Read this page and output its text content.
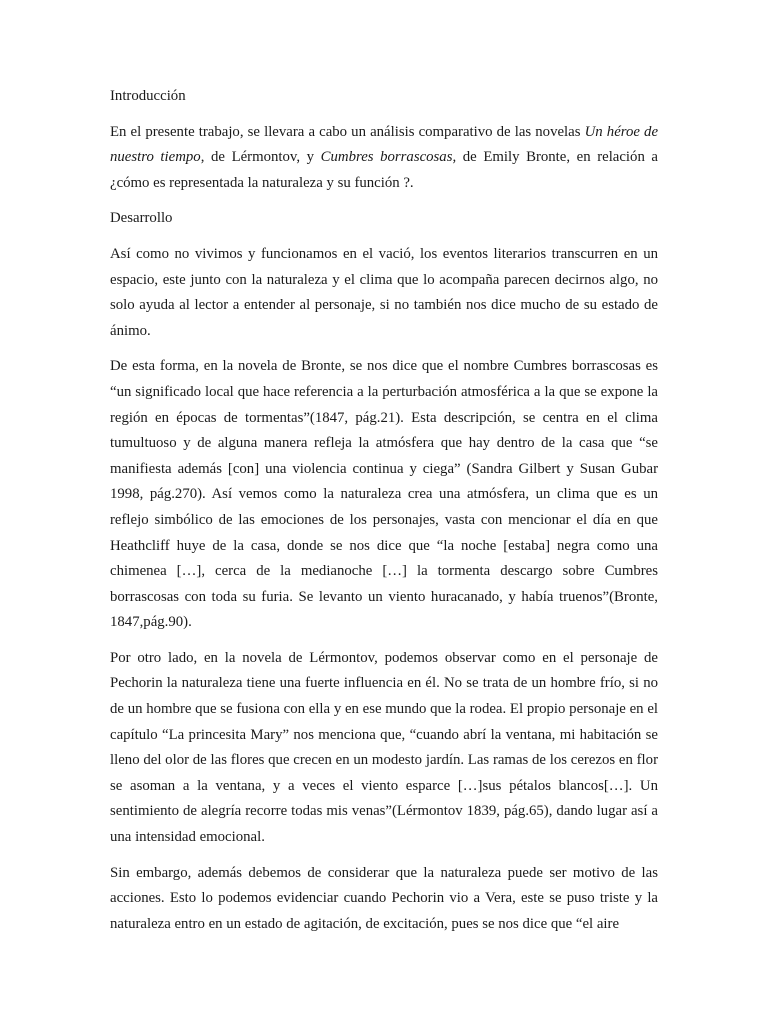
Introducción

En el presente trabajo, se llevara a cabo un análisis comparativo de las novelas Un héroe de nuestro tiempo, de Lérmontov, y Cumbres borrascosas, de Emily Bronte, en relación a ¿cómo es representada la naturaleza y su función ?.

Desarrollo

Así como no vivimos y funcionamos en el vació, los eventos literarios transcurren en un espacio, este junto con la naturaleza y el clima que lo acompaña parecen decirnos algo, no solo ayuda al lector a entender al personaje, si no también nos dice mucho de su estado de ánimo.

De esta forma, en la novela de Bronte, se nos dice que el nombre Cumbres borrascosas es “un significado local que hace referencia a la perturbación atmosférica a la que se expone la región en épocas de tormentas”(1847, pág.21). Esta descripción, se centra en el clima tumultuoso y de alguna manera refleja la atmósfera que hay dentro de la casa que “se manifiesta además [con] una violencia continua y ciega” (Sandra Gilbert y Susan Gubar 1998, pág.270). Así vemos como la naturaleza crea una atmósfera, un clima que es un reflejo simbólico de las emociones de los personajes, vasta con mencionar el día en que Heathcliff huye de la casa, donde se nos dice que “la noche [estaba] negra como una chimenea […], cerca de la medianoche […] la tormenta descargo sobre Cumbres borrascosas con toda su furia. Se levanto un viento huracanado, y había truenos”(Bronte, 1847,pág.90).

Por otro lado, en la novela de Lérmontov, podemos observar como en el personaje de Pechorin la naturaleza tiene una fuerte influencia en él. No se trata de un hombre frío, si no de un hombre que se fusiona con ella y en ese mundo que la rodea. El propio personaje en el capítulo “La princesita Mary” nos menciona que, “cuando abrí la ventana, mi habitación se lleno del olor de las flores que crecen en un modesto jardín. Las ramas de los cerezos en flor se asoman a la ventana, y a veces el viento esparce […]sus pétalos blancos[…]. Un sentimiento de alegría recorre todas mis venas”(Lérmontov 1839, pág.65), dando lugar así a una intensidad emocional.

Sin embargo, además debemos de considerar que la naturaleza puede ser motivo de las acciones. Esto lo podemos evidenciar cuando Pechorin vio a Vera, este se puso triste y la naturaleza entro en un estado de agitación, de excitación, pues se nos dice que “el aire
